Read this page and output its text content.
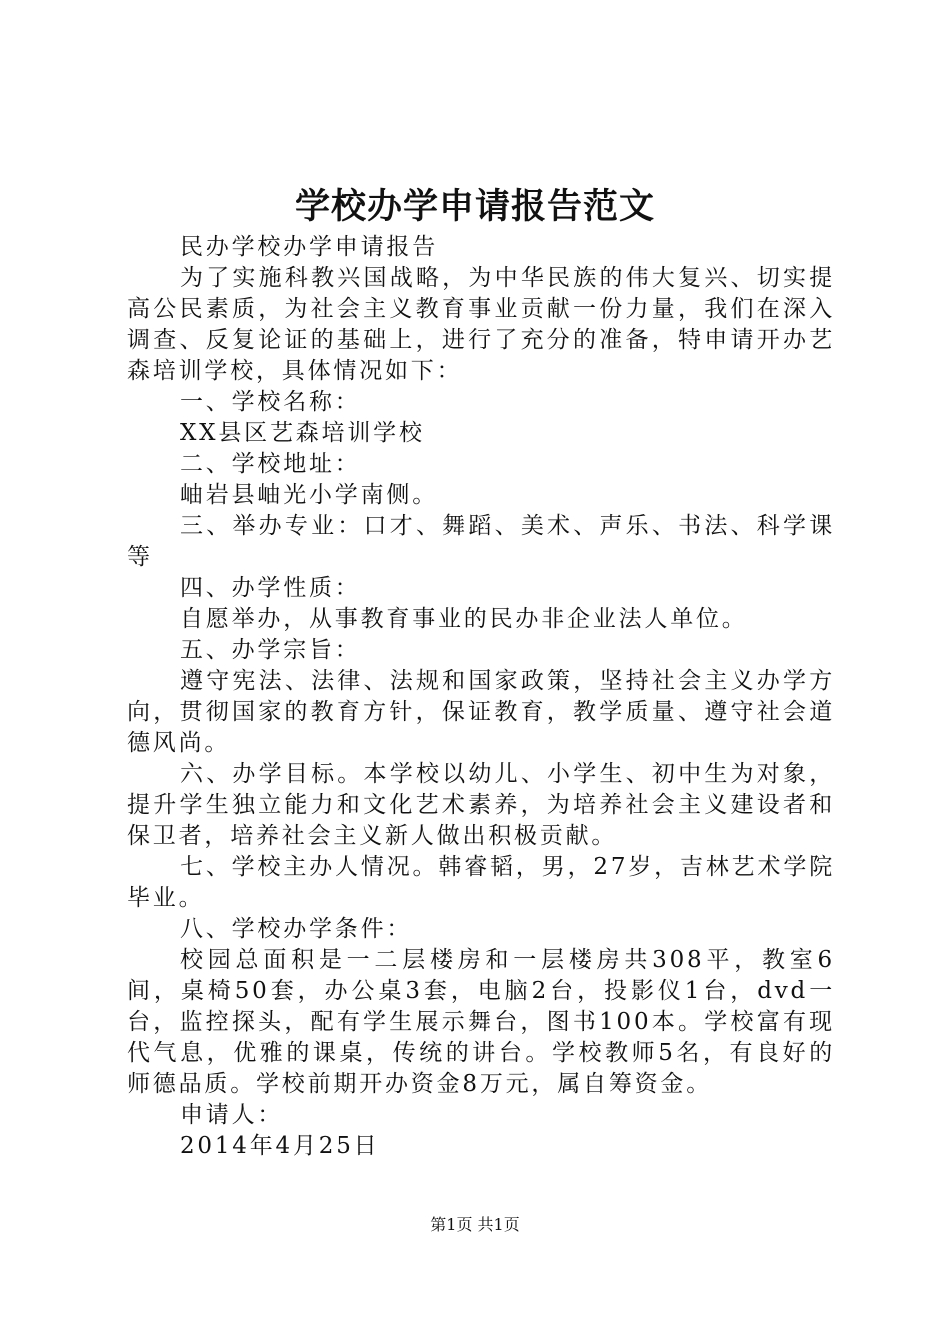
学校办学申请报告范文

民办学校办学申请报告

为了实施科教兴国战略，为中华民族的伟大复兴、切实提高公民素质，为社会主义教育事业贡献一份力量，我们在深入调查、反复论证的基础上，进行了充分的准备，特申请开办艺森培训学校，具体情况如下：

一、学校名称：

XX县区艺森培训学校

二、学校地址：

岫岩县岫光小学南侧。

三、举办专业：口才、舞蹈、美术、声乐、书法、科学课等

四、办学性质：

自愿举办，从事教育事业的民办非企业法人单位。

五、办学宗旨：

遵守宪法、法律、法规和国家政策，坚持社会主义办学方向，贯彻国家的教育方针，保证教育，教学质量、遵守社会道德风尚。

六、办学目标。本学校以幼儿、小学生、初中生为对象，提升学生独立能力和文化艺术素养，为培养社会主义建设者和保卫者，培养社会主义新人做出积极贡献。

七、学校主办人情况。韩睿韬，男，27岁，吉林艺术学院毕业。

八、学校办学条件：

校园总面积是一二层楼房和一层楼房共308平，教室6间，桌椅50套，办公桌3套，电脑2台，投影仪1台，dvd一台，监控探头，配有学生展示舞台，图书100本。学校富有现代气息，优雅的课桌，传统的讲台。学校教师5名，有良好的师德品质。学校前期开办资金8万元，属自筹资金。

申请人：

2014年4月25日

第1页 共1页
